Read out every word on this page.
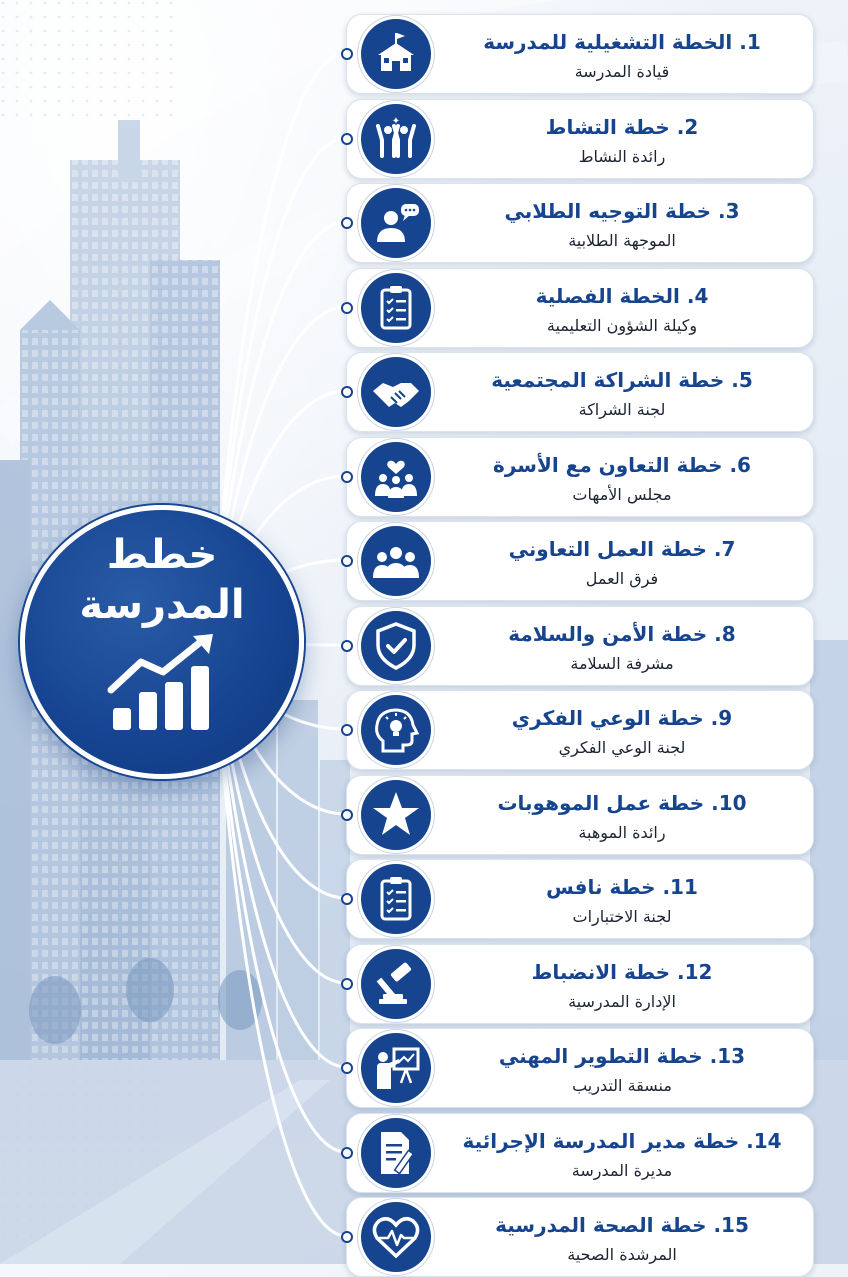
خطط
المدرسة
1. الخطة التشغيلية للمدرسة
قيادة المدرسة
✦	2. خطة التشاط
رائدة النشاط
3. خطة التوجيه الطلابي
الموجهة الطلابية
4. الخطة الفصلية
وكيلة الشؤون التعليمية
5. خطة الشراكة المجتمعية
لجنة الشراكة
6. خطة التعاون مع الأسرة
مجلس الأمهات
7. خطة العمل التعاوني
فرق العمل
8. خطة الأمن والسلامة
مشرفة السلامة
9. خطة الوعي الفكري
لجنة الوعي الفكري
10. خطة عمل الموهوبات
رائدة الموهبة
11. خطة نافس
لجنة الاختبارات
12. خطة الانضباط
الإدارة المدرسية
13. خطة التطوير المهني
منسقة التدريب
14. خطة مدير المدرسة الإجرائية
مديرة المدرسة
15. خطة الصحة المدرسية
المرشدة الصحية
